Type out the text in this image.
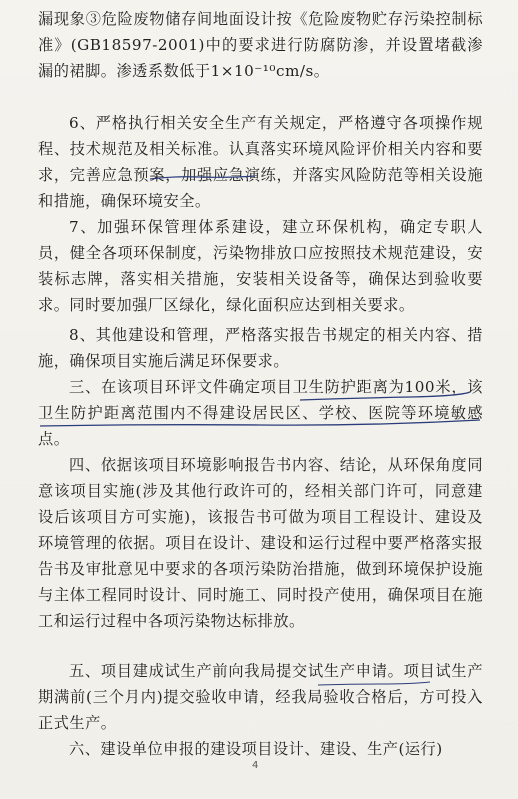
漏现象③危险废物储存间地面设计按《危险废物贮存污染控制标准》(GB18597-2001)中的要求进行防腐防渗，并设置堵截渗漏的裙脚。渗透系数低于1×10⁻¹⁰cm/s。

6、严格执行相关安全生产有关规定，严格遵守各项操作规程、技术规范及相关标准。认真落实环境风险评价相关内容和要求，完善应急预案，加强应急演练，并落实风险防范等相关设施和措施，确保环境安全。

7、加强环保管理体系建设，建立环保机构，确定专职人员，健全各项环保制度，污染物排放口应按照技术规范建设，安装标志牌，落实相关措施，安装相关设备等，确保达到验收要求。同时要加强厂区绿化，绿化面积应达到相关要求。

8、其他建设和管理，严格落实报告书规定的相关内容、措施，确保项目实施后满足环保要求。

三、在该项目环评文件确定项目卫生防护距离为100米，该卫生防护距离范围内不得建设居民区、学校、医院等环境敏感点。

四、依据该项目环境影响报告书内容、结论，从环保角度同意该项目实施(涉及其他行政许可的，经相关部门许可，同意建设后该项目方可实施)，该报告书可做为项目工程设计、建设及环境管理的依据。项目在设计、建设和运行过程中要严格落实报告书及审批意见中要求的各项污染防治措施，做到环境保护设施与主体工程同时设计、同时施工、同时投产使用，确保项目在施工和运行过程中各项污染物达标排放。

五、项目建成试生产前向我局提交试生产申请。项目试生产期满前(三个月内)提交验收申请，经我局验收合格后，方可投入正式生产。

六、建设单位申报的建设项目设计、建设、生产(运行)

4
